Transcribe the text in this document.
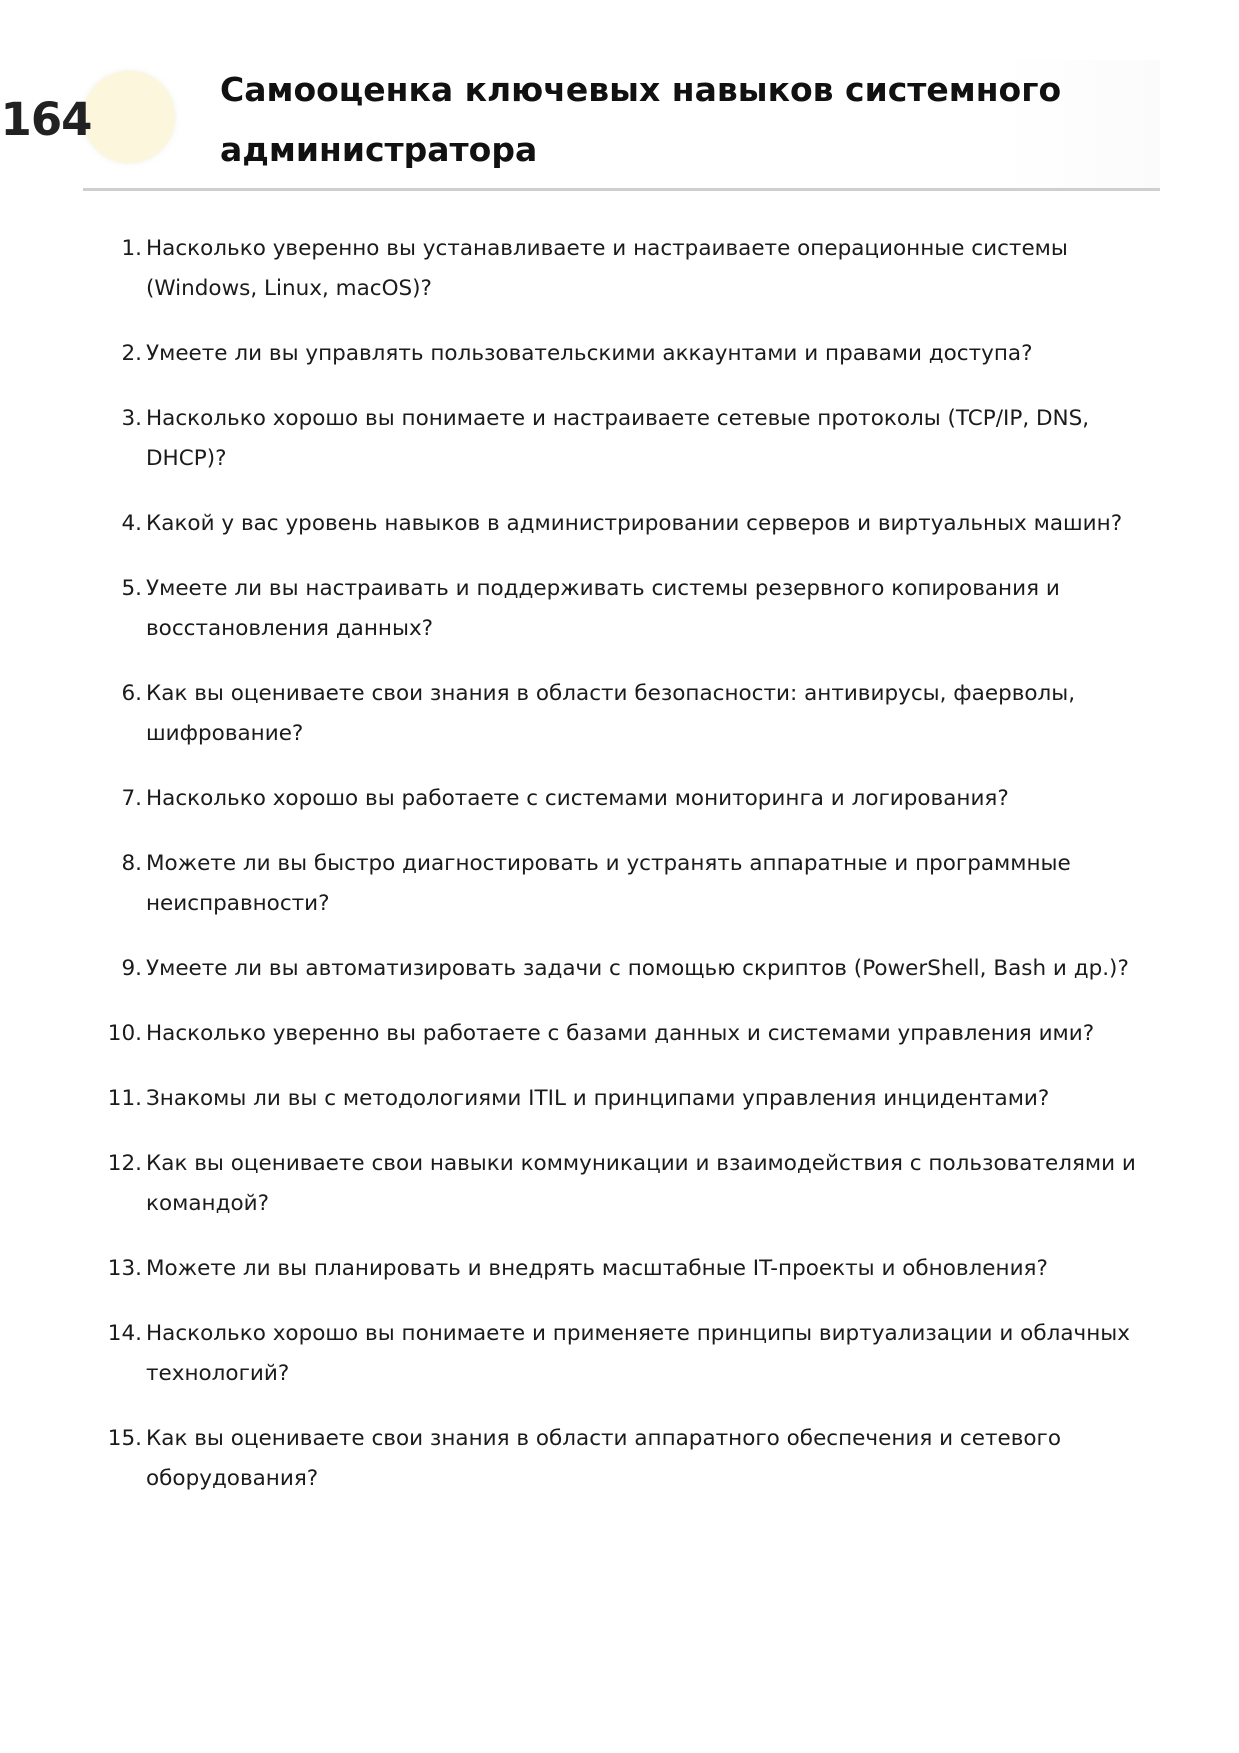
164
Самооценка ключевых навыков системного администратора
1. Насколько уверенно вы устанавливаете и настраиваете операционные системы (Windows, Linux, macOS)?
2. Умеете ли вы управлять пользовательскими аккаунтами и правами доступа?
3. Насколько хорошо вы понимаете и настраиваете сетевые протоколы (TCP/IP, DNS, DHCP)?
4. Какой у вас уровень навыков в администрировании серверов и виртуальных машин?
5. Умеете ли вы настраивать и поддерживать системы резервного копирования и восстановления данных?
6. Как вы оцениваете свои знания в области безопасности: антивирусы, фаерволы, шифрование?
7. Насколько хорошо вы работаете с системами мониторинга и логирования?
8. Можете ли вы быстро диагностировать и устранять аппаратные и программные неисправности?
9. Умеете ли вы автоматизировать задачи с помощью скриптов (PowerShell, Bash и др.)?
10. Насколько уверенно вы работаете с базами данных и системами управления ими?
11. Знакомы ли вы с методологиями ITIL и принципами управления инцидентами?
12. Как вы оцениваете свои навыки коммуникации и взаимодействия с пользователями и командой?
13. Можете ли вы планировать и внедрять масштабные IT-проекты и обновления?
14. Насколько хорошо вы понимаете и применяете принципы виртуализации и облачных технологий?
15. Как вы оцениваете свои знания в области аппаратного обеспечения и сетевого оборудования?
